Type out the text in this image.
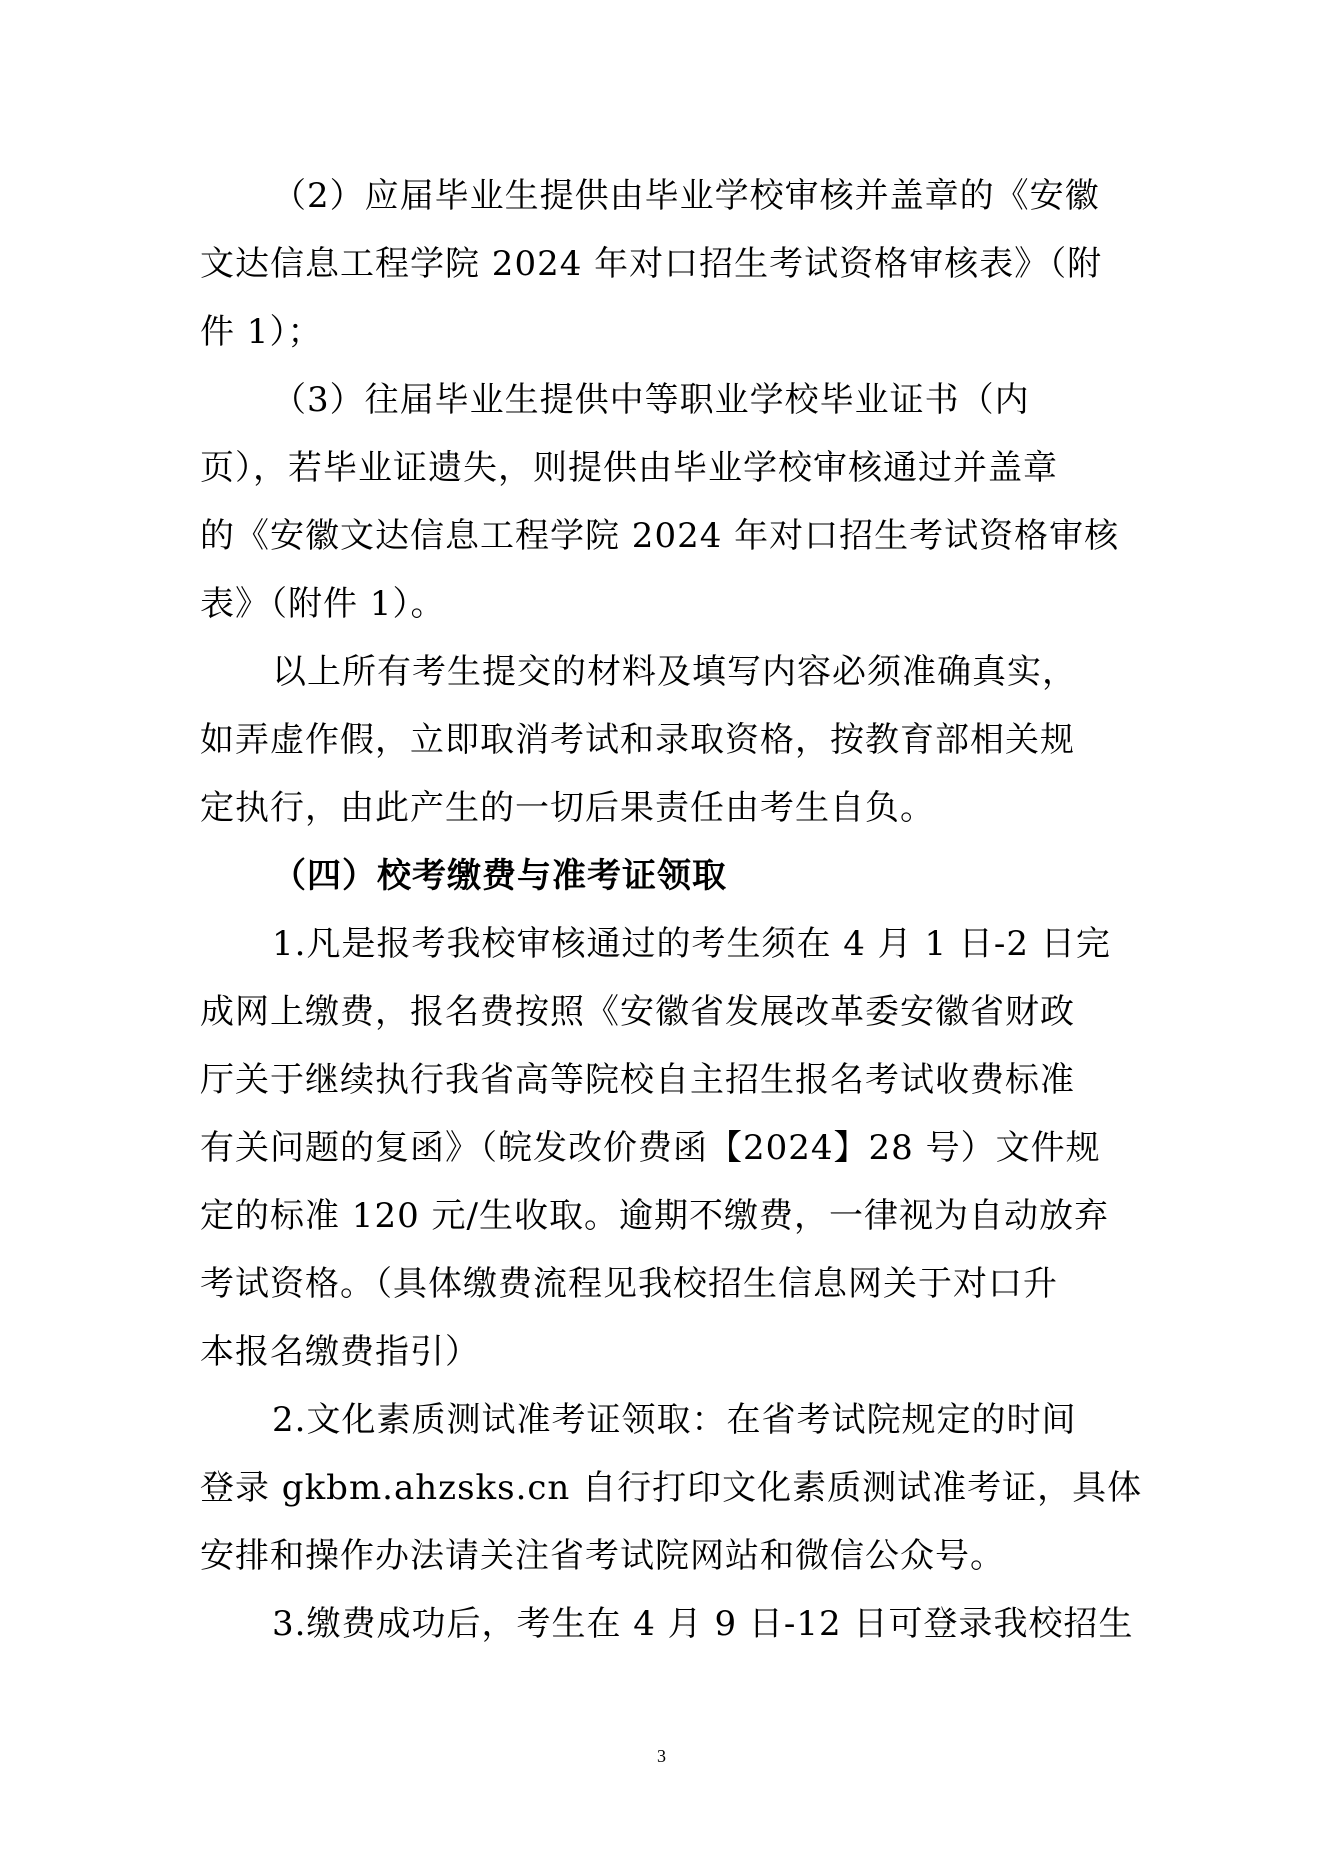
（2）应届毕业生提供由毕业学校审核并盖章的《安徽
文达信息工程学院 2024 年对口招生考试资格审核表》（附
件 1）；
（3）往届毕业生提供中等职业学校毕业证书（内
页），若毕业证遗失，则提供由毕业学校审核通过并盖章
的《安徽文达信息工程学院 2024 年对口招生考试资格审核
表》（附件 1）。
以上所有考生提交的材料及填写内容必须准确真实，
如弄虚作假，立即取消考试和录取资格，按教育部相关规
定执行，由此产生的一切后果责任由考生自负。
（四）校考缴费与准考证领取
1.凡是报考我校审核通过的考生须在 4 月 1 日-2 日完
成网上缴费，报名费按照《安徽省发展改革委安徽省财政
厅关于继续执行我省高等院校自主招生报名考试收费标准
有关问题的复函》（皖发改价费函【2024】28 号）文件规
定的标准 120 元/生收取。逾期不缴费，一律视为自动放弃
考试资格。（具体缴费流程见我校招生信息网关于对口升
本报名缴费指引）
2.文化素质测试准考证领取：在省考试院规定的时间
登录 gkbm.ahzsks.cn 自行打印文化素质测试准考证，具体
安排和操作办法请关注省考试院网站和微信公众号。
3.缴费成功后，考生在 4 月 9 日-12 日可登录我校招生
3
